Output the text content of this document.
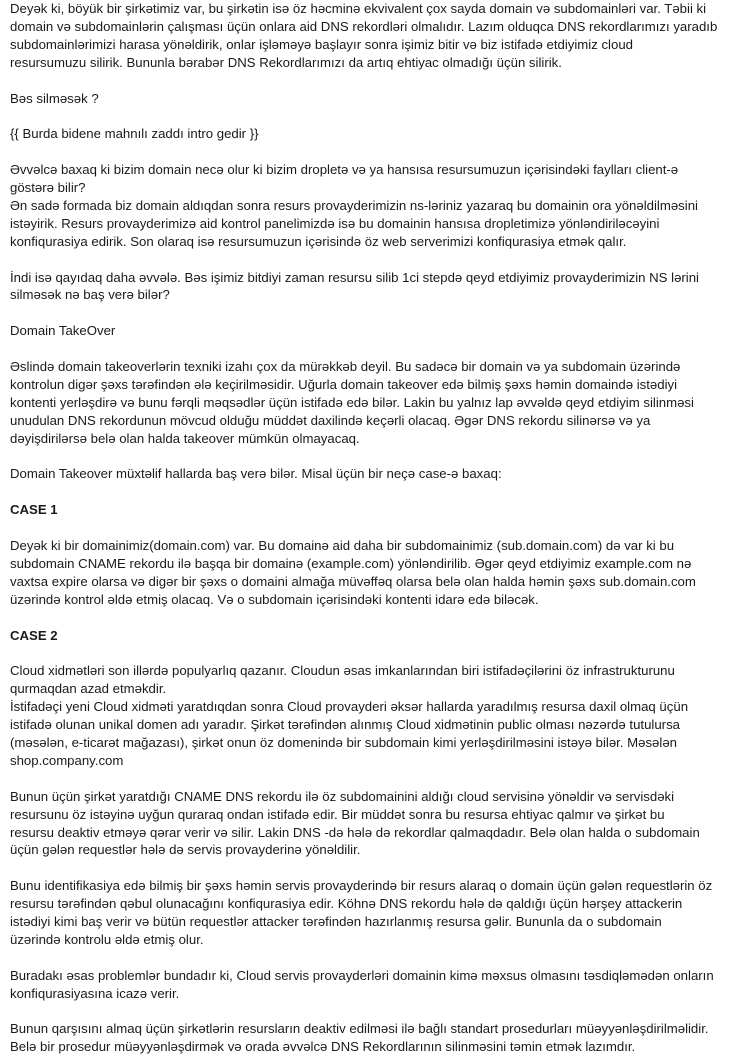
Deyək ki, böyük bir şirkətimiz var, bu şirkətin isə öz həcminə ekvivalent çox sayda domain və subdomainləri var. Təbii ki
domain və subdomainlərin çalışması üçün onlara aid DNS rekordləri olmalıdır. Lazım olduqca DNS rekordlarımızı yaradıb
subdomainlərimizi harasa yönəldirik, onlar işləməyə başlayır sonra işimiz bitir və biz istifadə etdiyimiz cloud
resursumuzu silirik. Bununla bərabər DNS Rekordlarımızı da artıq ehtiyac olmadığı üçün silirik.
Bəs silməsək ?
{{ Burda bidene mahnılı zaddı intro gedir }}
Əvvəlcə baxaq ki bizim domain necə olur ki bizim dropletə və ya hansısa resursumuzun içərisindəki faylları client-ə
göstərə bilir?
Ən sadə formada biz domain aldıqdan sonra resurs provayderimizin ns-ləriniz yazaraq bu domainin ora yönəldilməsini
istəyirik. Resurs provayderimizə aid kontrol panelimizdə isə bu domainin hansısa dropletimizə yönləndiriləcəyini
konfiqurasiya edirik. Son olaraq isə resursumuzun içərisində öz web serverimizi konfiqurasiya etmək qalır.
İndi isə qayıdaq daha əvvələ. Bəs işimiz bitdiyi zaman resursu silib 1ci stepdə qeyd etdiyimiz provayderimizin NS lərini
silməsək nə baş verə bilər?
Domain TakeOver
Əslində domain takeoverlərin texniki izahı çox da mürəkkəb deyil. Bu sadəcə bir domain və ya subdomain üzərində
kontrolun digər şəxs tərəfindən ələ keçirilməsidir. Uğurla domain takeover edə bilmiş şəxs həmin domaində istədiyi
kontenti yerləşdirə və bunu fərqli məqsədlər üçün istifadə edə bilər. Lakin bu yalnız lap əvvəldə qeyd etdiyim silinməsi
unudulan DNS rekordunun mövcud olduğu müddət daxilində keçərli olacaq. Əgər DNS rekordu silinərsə və ya
dəyişdirilərsə belə olan halda takeover mümkün olmayacaq.
Domain Takeover müxtəlif hallarda baş verə bilər. Misal üçün bir neçə case-ə baxaq:
CASE 1
Deyək ki bir domainimiz(domain.com) var. Bu domainə aid daha bir subdomainimiz (sub.domain.com) də var ki bu
subdomain CNAME rekordu ilə başqa bir domainə (example.com) yönləndirilib. Əgər qeyd etdiyimiz example.com nə
vaxtsa expire olarsa və digər bir şəxs o domaini almağa müvəffəq olarsa belə olan halda həmin şəxs sub.domain.com
üzərində kontrol əldə etmiş olacaq. Və o subdomain içərisindəki kontenti idarə edə biləcək.
CASE 2
Cloud xidmətləri son illərdə populyarlıq qazanır. Cloudun əsas imkanlarından biri istifadəçilərini öz infrastrukturunu
qurmaqdan azad etməkdir.
İstifadəçi yeni Cloud xidməti yaratdıqdan sonra Cloud provayderi əksər hallarda yaradılmış resursa daxil olmaq üçün
istifadə olunan unikal domen adı yaradır. Şirkət tərəfindən alınmış Cloud xidmətinin public olması nəzərdə tutulursa
(məsələn, e-ticarət mağazası), şirkət onun öz domenində bir subdomain kimi yerləşdirilməsini istəyə bilər. Məsələn
shop.company.com
Bunun üçün şirkət yaratdığı CNAME DNS rekordu ilə öz subdomainini aldığı cloud servisinə yönəldir və servisdəki
resursunu öz istəyinə uyğun quraraq ondan istifadə edir. Bir müddət sonra bu resursa ehtiyac qalmır və şirkət bu
resursu deaktiv etməyə qərar verir və silir. Lakin DNS -də hələ də rekordlar qalmaqdadır. Belə olan halda o subdomain
üçün gələn requestlər hələ də servis provayderinə yönəldilir.
Bunu identifikasiya edə bilmiş bir şəxs həmin servis provayderində bir resurs alaraq o domain üçün gələn requestlərin öz
resursu tərəfindən qəbul olunacağını konfiqurasiya edir. Köhnə DNS rekordu hələ də qaldığı üçün hərşey attackerin
istədiyi kimi baş verir və bütün requestlər attacker tərəfindən hazırlanmış resursa gəlir. Bununla da o subdomain
üzərində kontrolu əldə etmiş olur.
Buradakı əsas problemlər bundadır ki, Cloud servis provayderləri domainin kimə məxsus olmasını təsdiqləmədən onların
konfiqurasiyasına icazə verir.
Bunun qarşısını almaq üçün şirkətlərin resursların deaktiv edilməsi ilə bağlı standart prosedurları müəyyənləşdirilməlidir.
Belə bir prosedur müəyyənləşdirmək və orada əvvəlcə DNS Rekordlarının silinməsini təmin etmək lazımdır.
